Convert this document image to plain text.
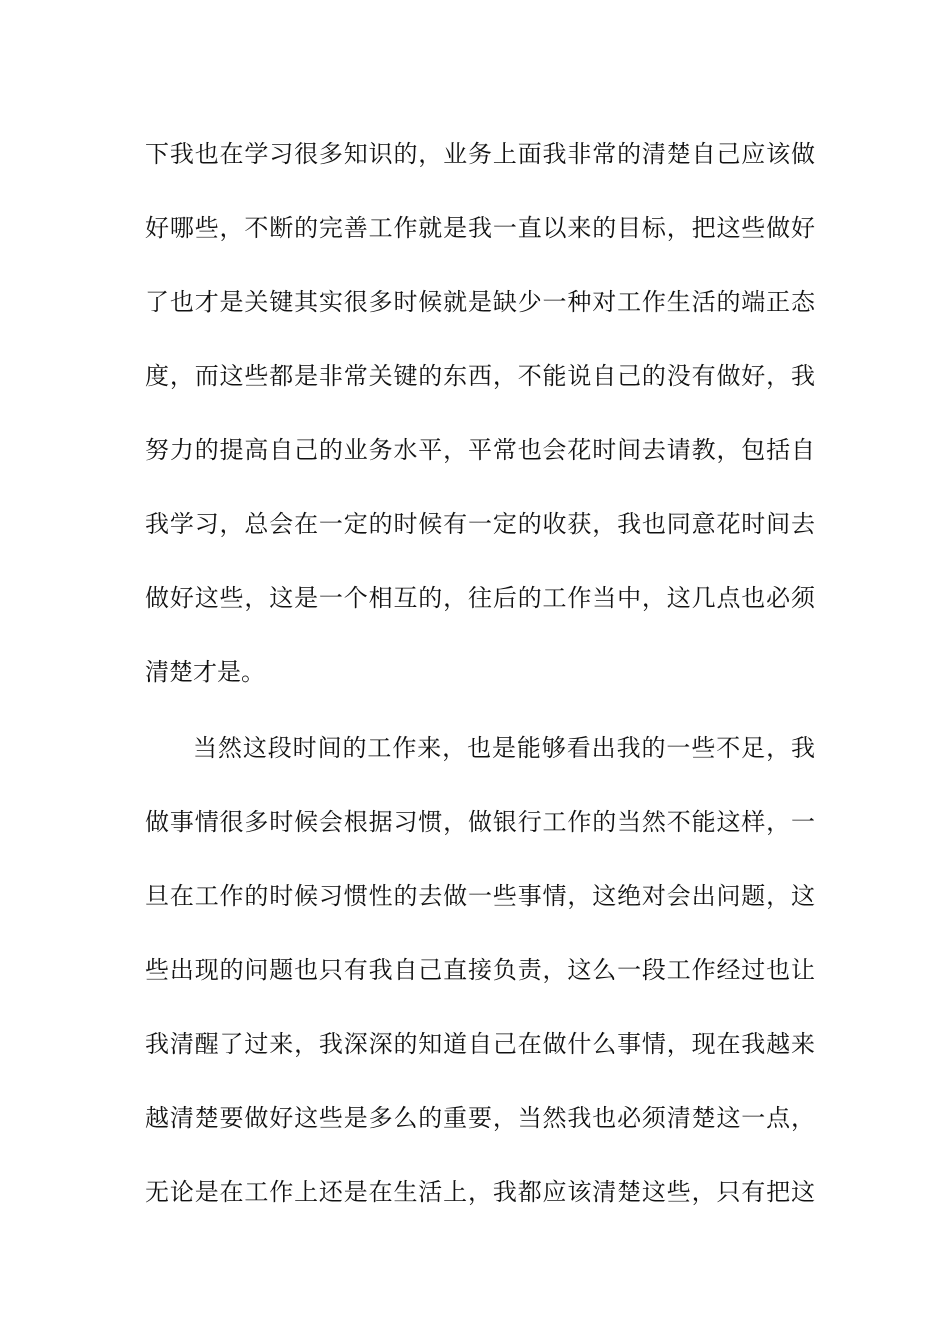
下我也在学习很多知识的，业务上面我非常的清楚自己应该做
好哪些，不断的完善工作就是我一直以来的目标，把这些做好
了也才是关键其实很多时候就是缺少一种对工作生活的端正态
度，而这些都是非常关键的东西，不能说自己的没有做好，我
努力的提高自己的业务水平，平常也会花时间去请教，包括自
我学习，总会在一定的时候有一定的收获，我也同意花时间去
做好这些，这是一个相互的，往后的工作当中，这几点也必须
清楚才是。
当然这段时间的工作来，也是能够看出我的一些不足，我
做事情很多时候会根据习惯，做银行工作的当然不能这样，一
旦在工作的时候习惯性的去做一些事情，这绝对会出问题，这
些出现的问题也只有我自己直接负责，这么一段工作经过也让
我清醒了过来，我深深的知道自己在做什么事情，现在我越来
越清楚要做好这些是多么的重要，当然我也必须清楚这一点，
无论是在工作上还是在生活上，我都应该清楚这些，只有把这
